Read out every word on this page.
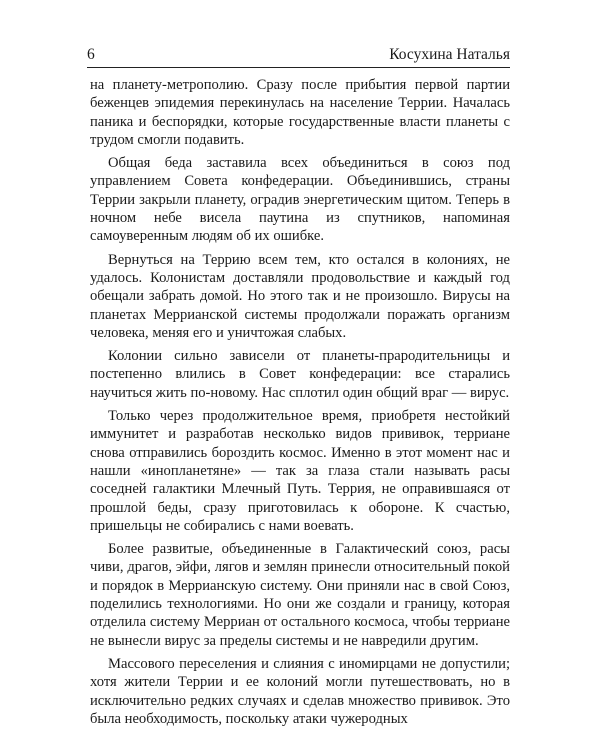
6	Косухина Наталья

на планету-метрополию. Сразу после прибытия первой партии беженцев эпидемия перекинулась на население Террии. Началась паника и беспорядки, которые государственные власти планеты с трудом смогли подавить.

Общая беда заставила всех объединиться в союз под управлением Совета конфедерации. Объединившись, страны Террии закрыли планету, оградив энергетическим щитом. Теперь в ночном небе висела паутина из спутников, напоминая самоуверенным людям об их ошибке.

Вернуться на Террию всем тем, кто остался в колониях, не удалось. Колонистам доставляли продовольствие и каждый год обещали забрать домой. Но этого так и не произошло. Вирусы на планетах Меррианской системы продолжали поражать организм человека, меняя его и уничтожая слабых.

Колонии сильно зависели от планеты-прародительницы и постепенно влились в Совет конфедерации: все старались научиться жить по-новому. Нас сплотил один общий враг — вирус.

Только через продолжительное время, приобретя нестойкий иммунитет и разработав несколько видов прививок, терриане снова отправились бороздить космос. Именно в этот момент нас и нашли «инопланетяне» — так за глаза стали называть расы соседней галактики Млечный Путь. Террия, не оправившаяся от прошлой беды, сразу приготовилась к обороне. К счастью, пришельцы не собирались с нами воевать.

Более развитые, объединенные в Галактический союз, расы чиви, драгов, эйфи, лягов и землян принесли относительный покой и порядок в Меррианскую систему. Они приняли нас в свой Союз, поделились технологиями. Но они же создали и границу, которая отделила систему Мерриан от остального космоса, чтобы терриане не вынесли вирус за пределы системы и не навредили другим.

Массового переселения и слияния с иномирцами не допустили; хотя жители Террии и ее колоний могли путешествовать, но в исключительно редких случаях и сделав множество прививок. Это была необходимость, поскольку атаки чужеродных
